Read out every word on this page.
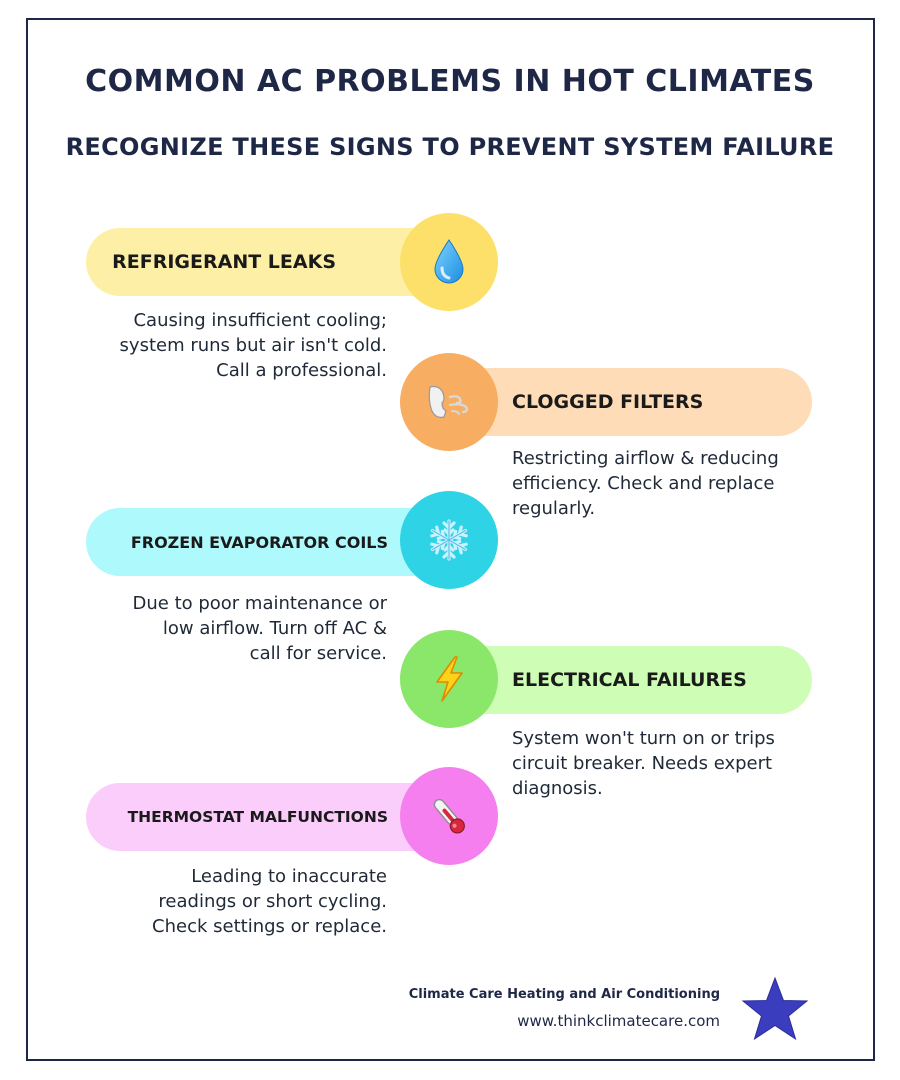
COMMON AC PROBLEMS IN HOT CLIMATES
RECOGNIZE THESE SIGNS TO PREVENT SYSTEM FAILURE
REFRIGERANT LEAKS
Causing insufficient cooling;
system runs but air isn't cold.
Call a professional.
CLOGGED FILTERS
Restricting airflow & reducing
efficiency. Check and replace
regularly.
FROZEN EVAPORATOR COILS
Due to poor maintenance or
low airflow. Turn off AC &
call for service.
ELECTRICAL FAILURES
System won't turn on or trips
circuit breaker. Needs expert
diagnosis.
THERMOSTAT MALFUNCTIONS
Leading to inaccurate
readings or short cycling.
Check settings or replace.
Climate Care Heating and Air Conditioning
www.thinkclimatecare.com
